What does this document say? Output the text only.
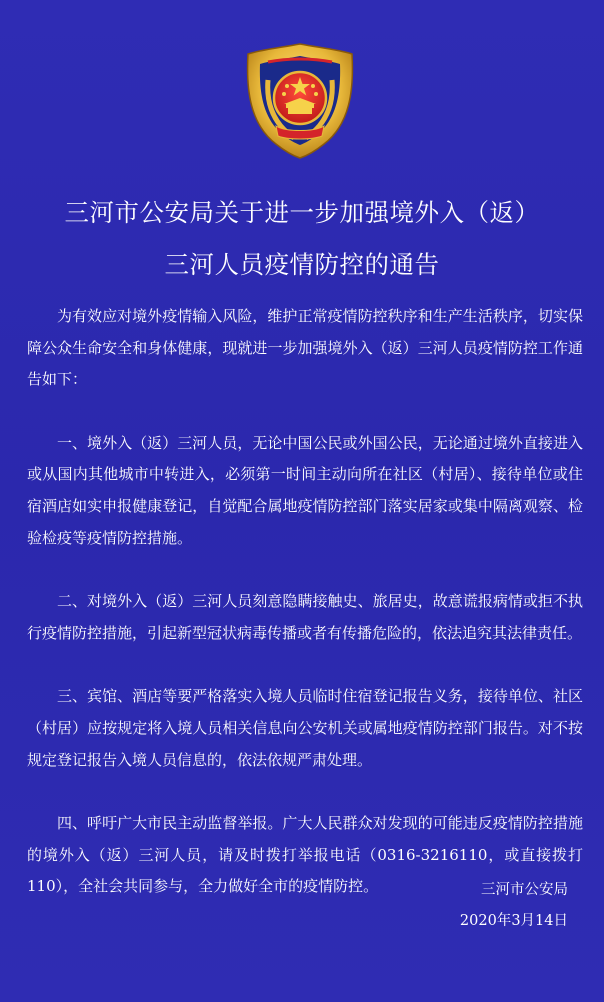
三河市公安局关于进一步加强境外入（返）
三河人员疫情防控的通告

为有效应对境外疫情输入风险，维护正常疫情防控秩序和生产生活秩序，切实保障公众生命安全和身体健康，现就进一步加强境外入（返）三河人员疫情防控工作通告如下：

一、境外入（返）三河人员，无论中国公民或外国公民，无论通过境外直接进入或从国内其他城市中转进入，必须第一时间主动向所在社区（村居）、接待单位或住宿酒店如实申报健康登记，自觉配合属地疫情防控部门落实居家或集中隔离观察、检验检疫等疫情防控措施。

二、对境外入（返）三河人员刻意隐瞒接触史、旅居史，故意谎报病情或拒不执行疫情防控措施，引起新型冠状病毒传播或者有传播危险的，依法追究其法律责任。

三、宾馆、酒店等要严格落实入境人员临时住宿登记报告义务，接待单位、社区（村居）应按规定将入境人员相关信息向公安机关或属地疫情防控部门报告。对不按规定登记报告入境人员信息的，依法依规严肃处理。

四、呼吁广大市民主动监督举报。广大人民群众对发现的可能违反疫情防控措施的境外入（返）三河人员，请及时拨打举报电话（0316-3216110，或直接拨打110），全社会共同参与，全力做好全市的疫情防控。	三河市公安局
2020年3月14日
